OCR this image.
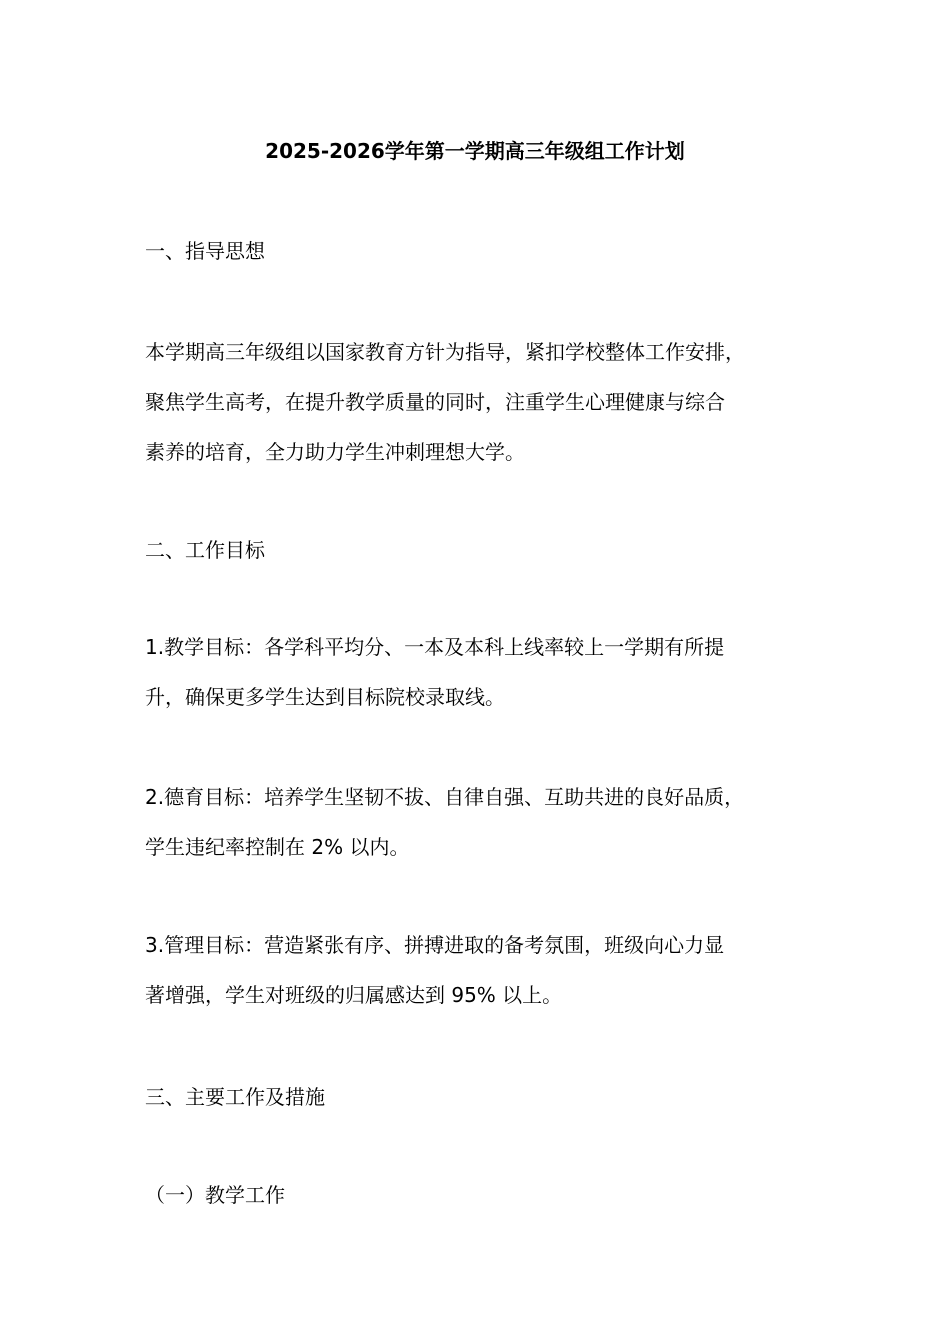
2025-2026学年第一学期高三年级组工作计划

一、指导思想

本学期高三年级组以国家教育方针为指导，紧扣学校整体工作安排，
聚焦学生高考，在提升教学质量的同时，注重学生心理健康与综合
素养的培育，全力助力学生冲刺理想大学。

二、工作目标

1.教学目标：各学科平均分、一本及本科上线率较上一学期有所提
升，确保更多学生达到目标院校录取线。
2.德育目标：培养学生坚韧不拔、自律自强、互助共进的良好品质，
学生违纪率控制在 2% 以内。
3.管理目标：营造紧张有序、拼搏进取的备考氛围，班级向心力显
著增强，学生对班级的归属感达到 95% 以上。

三、主要工作及措施

（一）教学工作
